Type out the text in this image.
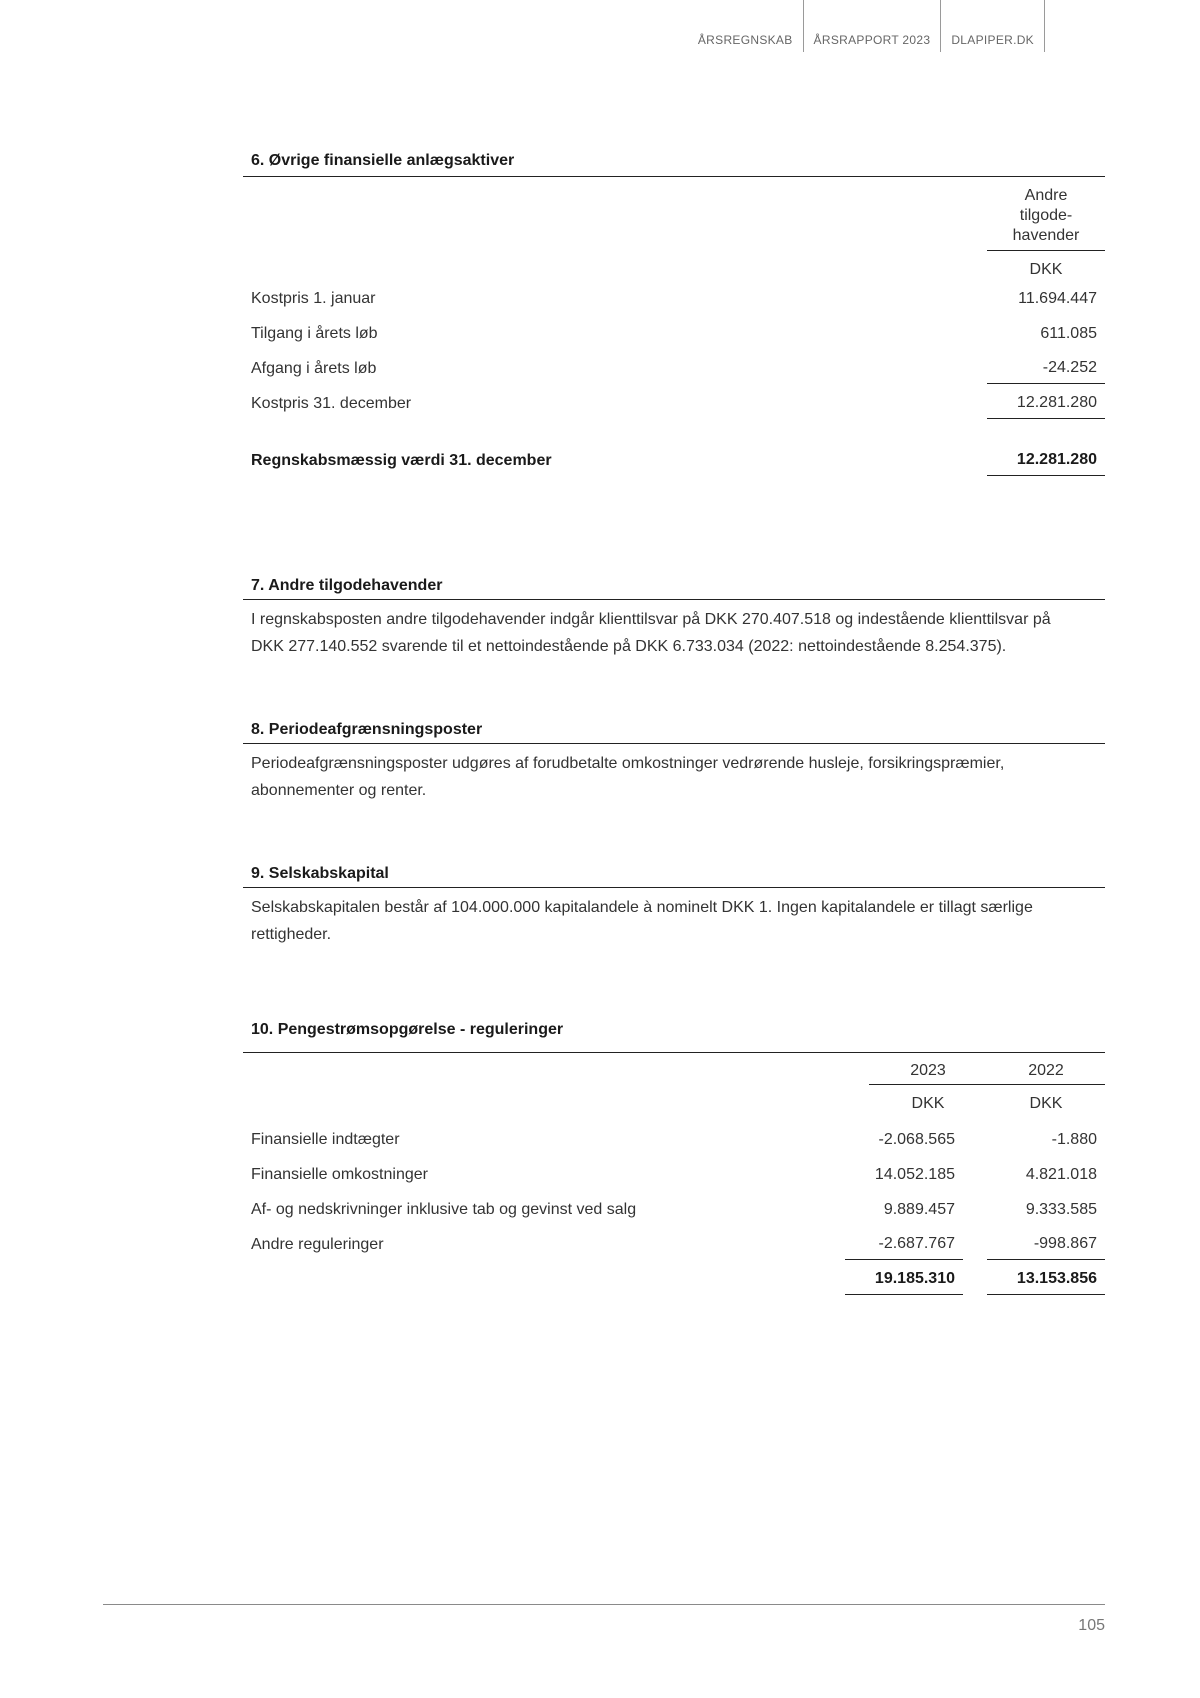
ÅRSREGNSKAB	ÅRSRAPPORT 2023	DLAPIPER.DK
6. Øvrige finansielle anlægsaktiver
Andre
tilgode-
havender
DKK
Kostpris 1. januar	11.694.447
Tilgang i årets løb	611.085
Afgang i årets løb	-24.252
Kostpris 31. december	12.281.280
Regnskabsmæssig værdi 31. december	12.281.280
7. Andre tilgodehavender
I regnskabsposten andre tilgodehavender indgår klienttilsvar på DKK 270.407.518 og indestående klienttilsvar på
DKK 277.140.552 svarende til et nettoindestående på DKK 6.733.034 (2022: nettoindestående 8.254.375).
8. Periodeafgrænsningsposter
Periodeafgrænsningsposter udgøres af forudbetalte omkostninger vedrørende husleje, forsikringspræmier,
abonnementer og renter.
9. Selskabskapital
Selskabskapitalen består af 104.000.000 kapitalandele à nominelt DKK 1. Ingen kapitalandele er tillagt særlige
rettigheder.
10. Pengestrømsopgørelse - reguleringer
2023	2022
DKK	DKK
Finansielle indtægter	-2.068.565	-1.880
Finansielle omkostninger	14.052.185	4.821.018
Af- og nedskrivninger inklusive tab og gevinst ved salg	9.889.457	9.333.585
Andre reguleringer	-2.687.767	-998.867
19.185.310	13.153.856
105
